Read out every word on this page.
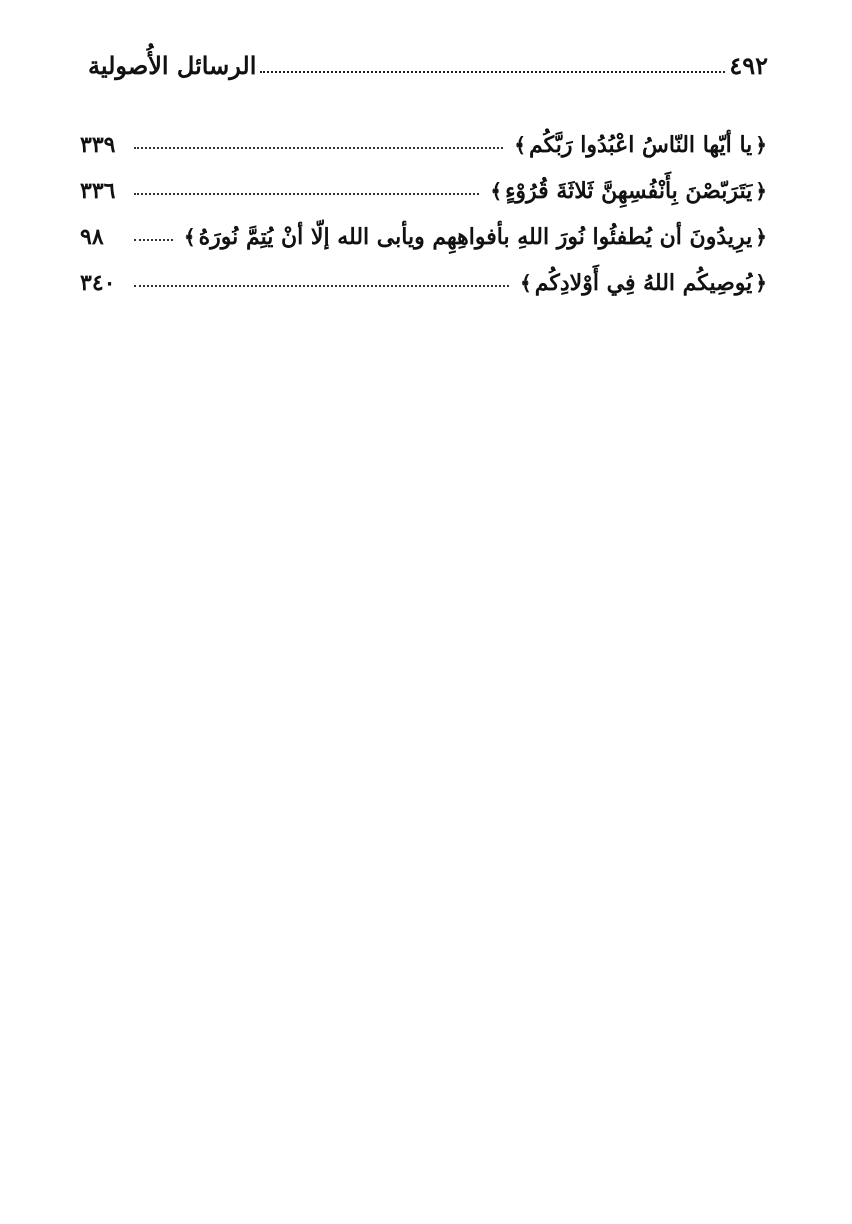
٤٩٢
الرسائل الأُصولية
﴿
يا أيّها النّاسُ اعْبُدُوا رَبَّكُم
﴾
٣٣٩
﴿
يَتَرَبّصْنَ بِأَنْفُسِهِنَّ ثَلاثَةَ قُرُوْءٍ
﴾
٣٣٦
﴿
يرِيدُونَ أن يُطفئُوا نُورَ اللهِ بأفواهِهِم ويأبى الله إلّا أنْ يُتِمَّ نُورَهُ
﴾
٩٨
﴿
يُوصِيكُم اللهُ فِي أَوْلادِكُم
﴾
٣٤٠
